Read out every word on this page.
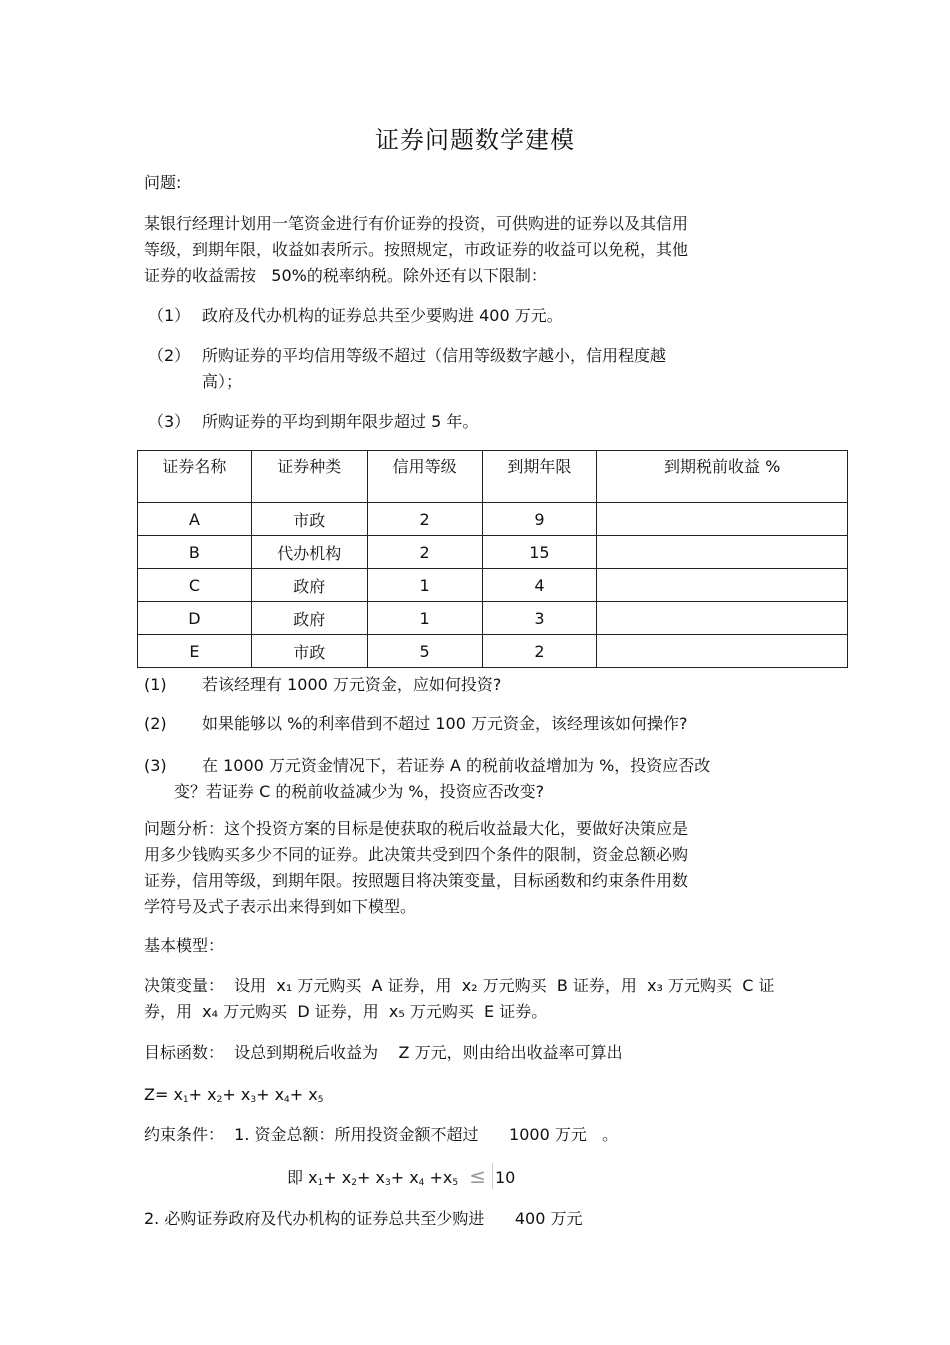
证券问题数学建模
问题:
某银行经理计划用一笔资金进行有价证券的投资，可供购进的证券以及其信用
等级，到期年限，收益如表所示。按照规定，市政证券的收益可以免税，其他
证券的收益需按   50%的税率纳税。除外还有以下限制：
（1） 政府及代办机构的证券总共至少要购进 400 万元。
（2） 所购证券的平均信用等级不超过（信用等级数字越小，信用程度越
高）；
（3） 所购证券的平均到期年限步超过 5 年。
证券名称	证券种类	信用等级	到期年限	到期税前收益 %
A	市政	2	9	
B	代办机构	2	15	
C	政府	1	4	
D	政府	1	3	
E	市政	5	2	
(1) 若该经理有 1000 万元资金，应如何投资?
(2) 如果能够以 %的利率借到不超过 100 万元资金，该经理该如何操作?
(3) 在 1000 万元资金情况下，若证券 A 的税前收益增加为 %，投资应否改
变？若证券 C 的税前收益减少为 %，投资应否改变?
问题分析：这个投资方案的目标是使获取的税后收益最大化，要做好决策应是
用多少钱购买多少不同的证券。此决策共受到四个条件的限制，资金总额必购
证券，信用等级，到期年限。按照题目将决策变量，目标函数和约束条件用数
学符号及式子表示出来得到如下模型。
基本模型：
决策变量：  设用  x₁ 万元购买  A 证券，用  x₂ 万元购买  B 证券，用  x₃ 万元购买  C 证
券，用  x₄ 万元购买  D 证券，用  x₅ 万元购买  E 证券。
目标函数：  设总到期税后收益为    Z 万元，则由给出收益率可算出
$Z= x_1+ x_2+ x_3+ x_4+ x_5$
约束条件：  1. 资金总额：所用投资金额不超过      1000 万元   。
即 $x_1+ x_2+ x_3+ x_4 +x_5 \le 10$
2. 必购证券政府及代办机构的证券总共至少购进      400 万元
